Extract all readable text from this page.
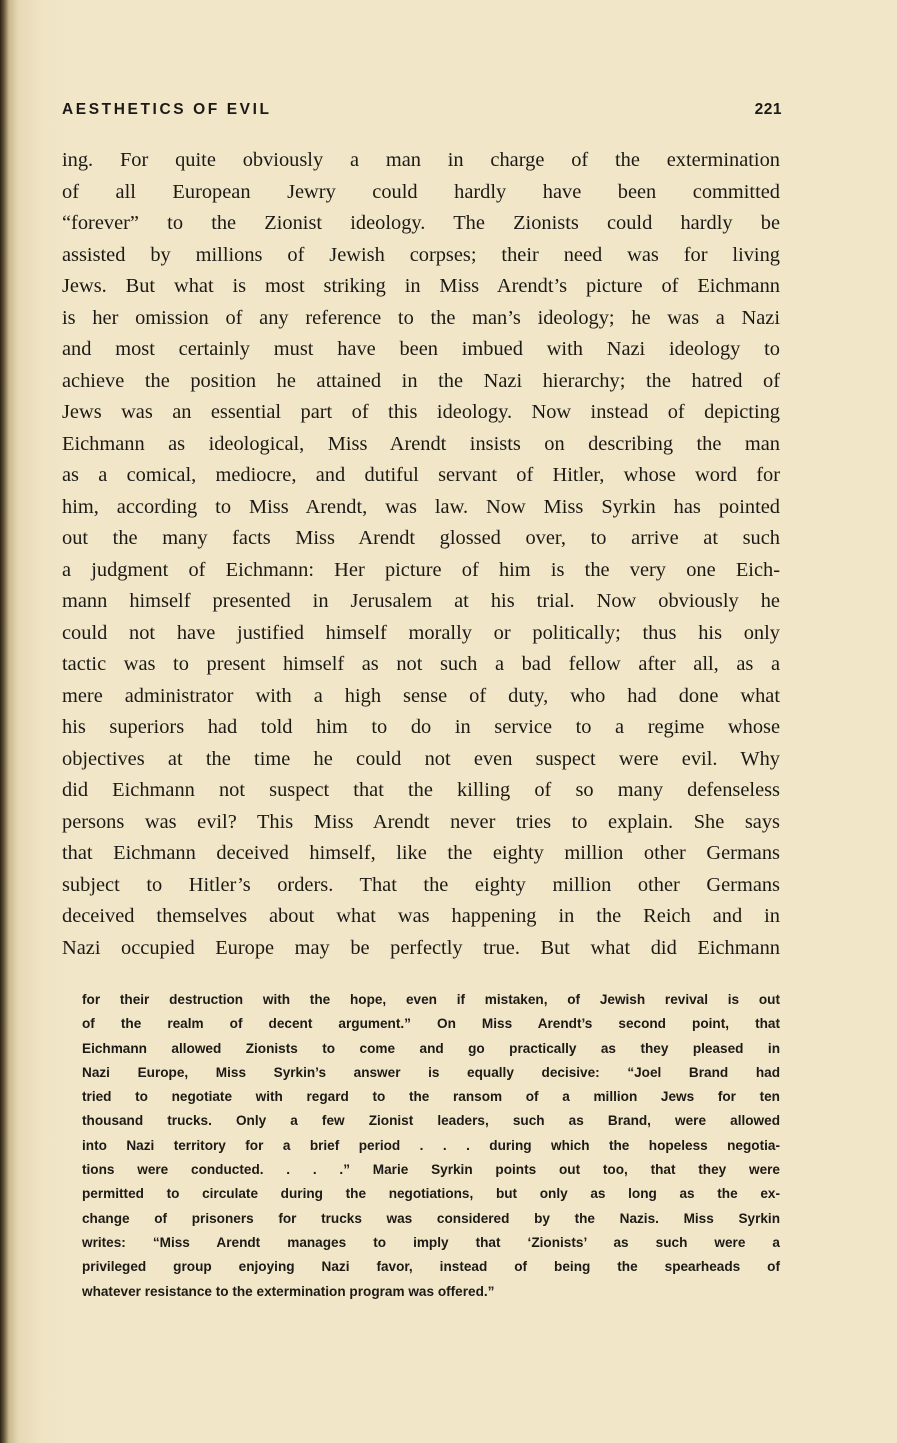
AESTHETICS OF EVIL	221
ing. For quite obviously a man in charge of the extermination
of all European Jewry could hardly have been committed
“forever” to the Zionist ideology. The Zionists could hardly be
assisted by millions of Jewish corpses; their need was for living
Jews. But what is most striking in Miss Arendt’s picture of Eichmann
is her omission of any reference to the man’s ideology; he was a Nazi
and most certainly must have been imbued with Nazi ideology to
achieve the position he attained in the Nazi hierarchy; the hatred of
Jews was an essential part of this ideology. Now instead of depicting
Eichmann as ideological, Miss Arendt insists on describing the man
as a comical, mediocre, and dutiful servant of Hitler, whose word for
him, according to Miss Arendt, was law. Now Miss Syrkin has pointed
out the many facts Miss Arendt glossed over, to arrive at such
a judgment of Eichmann: Her picture of him is the very one Eich-
mann himself presented in Jerusalem at his trial. Now obviously he
could not have justified himself morally or politically; thus his only
tactic was to present himself as not such a bad fellow after all, as a
mere administrator with a high sense of duty, who had done what
his superiors had told him to do in service to a regime whose
objectives at the time he could not even suspect were evil. Why
did Eichmann not suspect that the killing of so many defenseless
persons was evil? This Miss Arendt never tries to explain. She says
that Eichmann deceived himself, like the eighty million other Germans
subject to Hitler’s orders. That the eighty million other Germans
deceived themselves about what was happening in the Reich and in
Nazi occupied Europe may be perfectly true. But what did Eichmann
for their destruction with the hope, even if mistaken, of Jewish revival is out
of the realm of decent argument.” On Miss Arendt’s second point, that
Eichmann allowed Zionists to come and go practically as they pleased in
Nazi Europe, Miss Syrkin’s answer is equally decisive: “Joel Brand had
tried to negotiate with regard to the ransom of a million Jews for ten
thousand trucks. Only a few Zionist leaders, such as Brand, were allowed
into Nazi territory for a brief period . . . during which the hopeless negotia-
tions were conducted. . . .” Marie Syrkin points out too, that they were
permitted to circulate during the negotiations, but only as long as the ex-
change of prisoners for trucks was considered by the Nazis. Miss Syrkin
writes: “Miss Arendt manages to imply that ‘Zionists’ as such were a
privileged group enjoying Nazi favor, instead of being the spearheads of
whatever resistance to the extermination program was offered.”
